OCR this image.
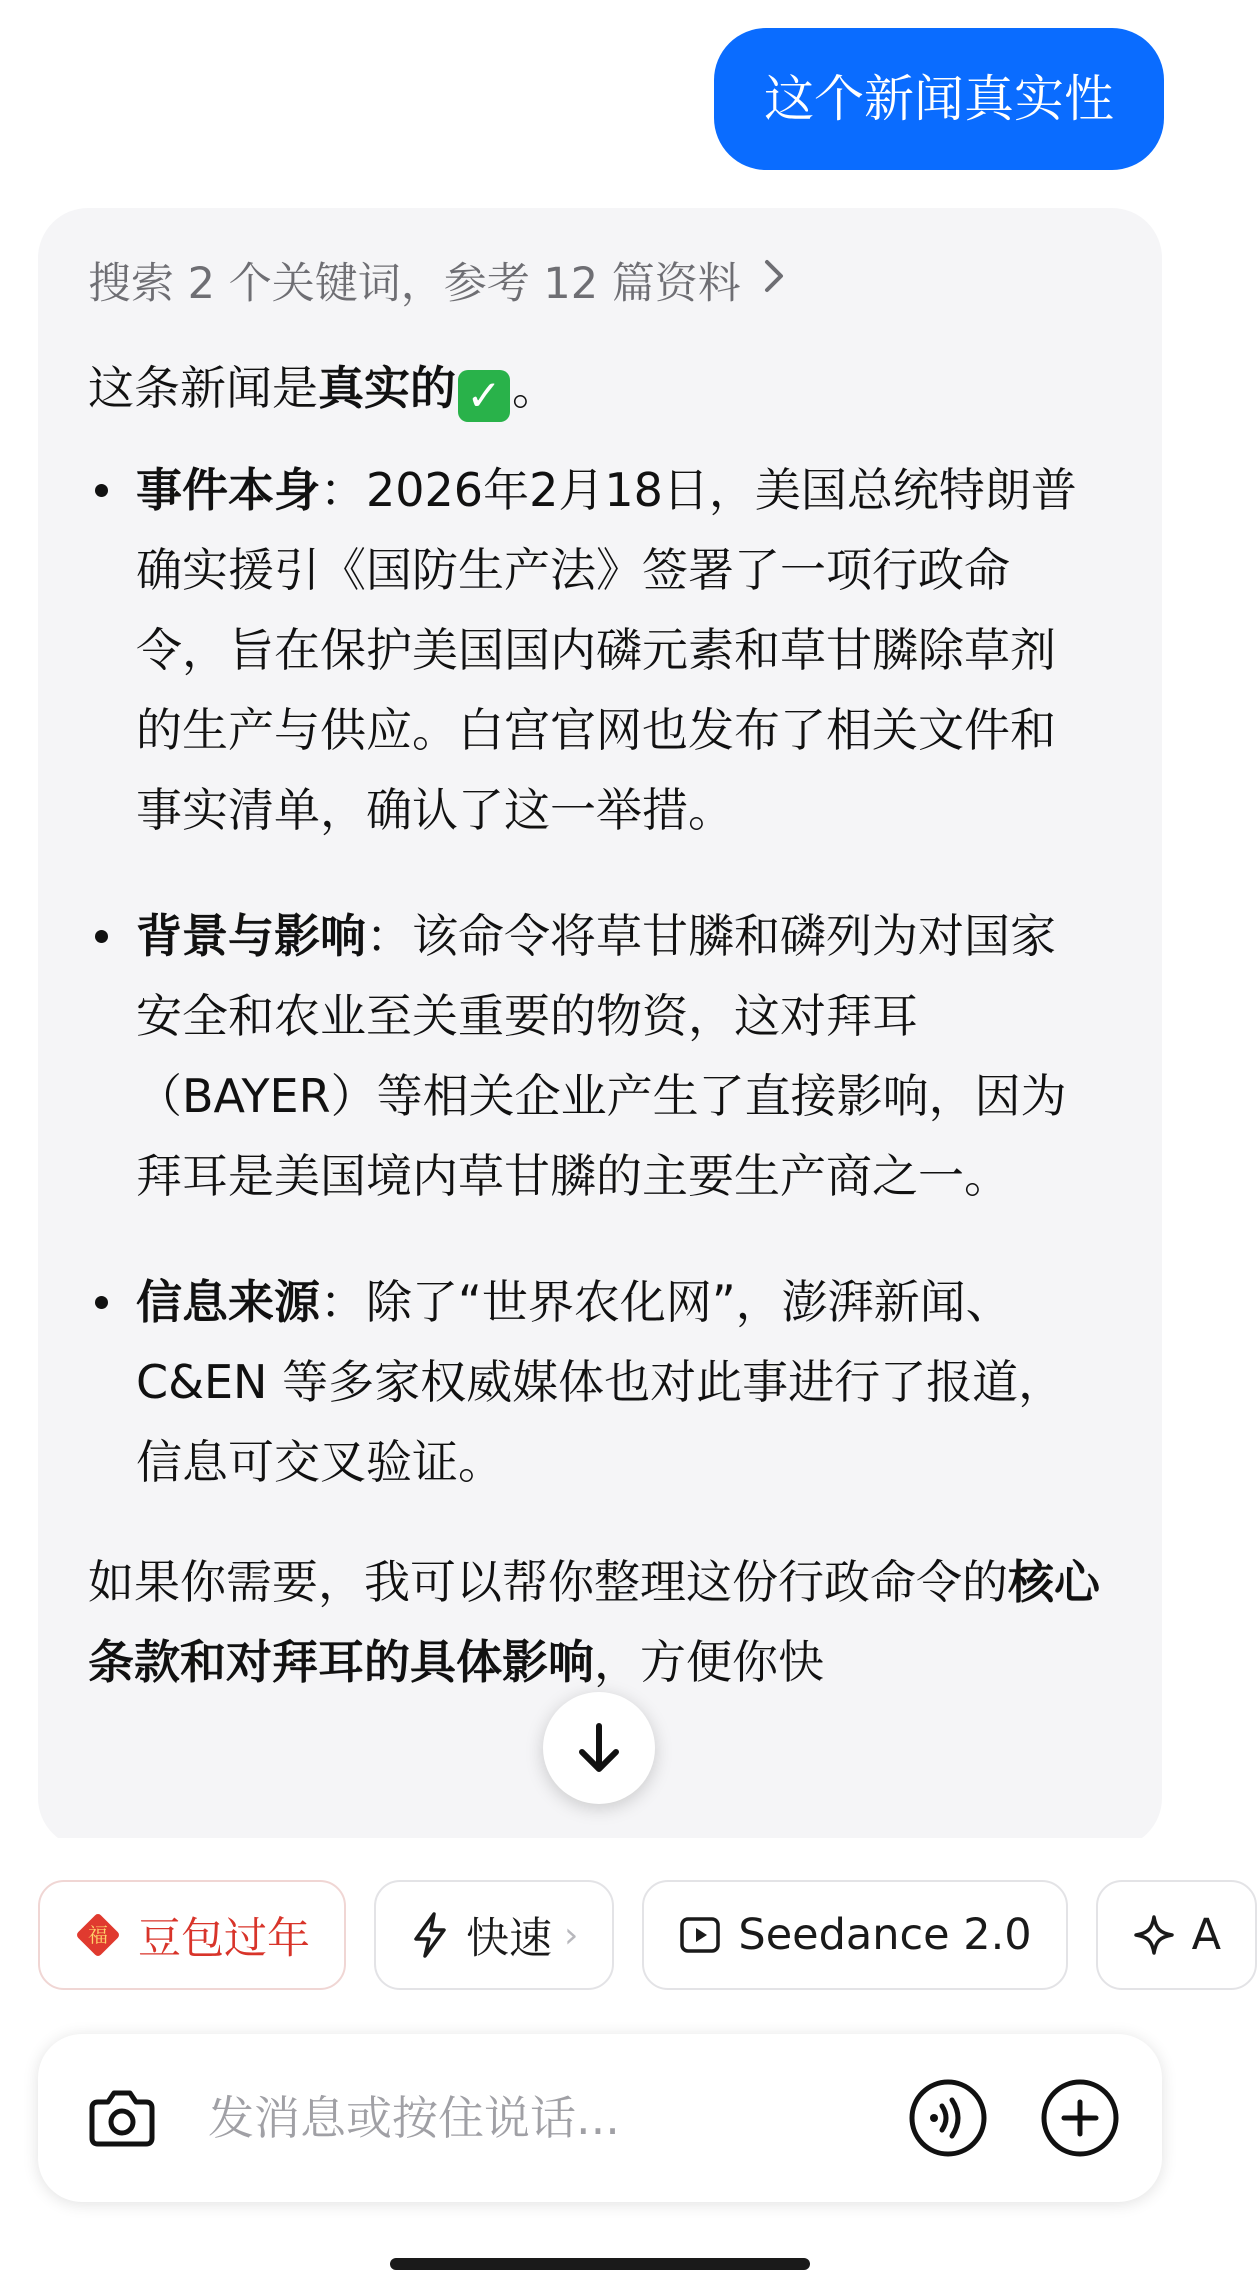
这个新闻真实性
搜索 2 个关键词，参考 12 篇资料

这条新闻是真实的 ✓ 。

事件本身：2026年2月18日，美国总统特朗普确实援引《国防生产法》签署了一项行政命令，旨在保护美国国内磷元素和草甘膦除草剂的生产与供应。白宫官网也发布了相关文件和事实清单，确认了这一举措。
背景与影响：该命令将草甘膦和磷列为对国家安全和农业至关重要的物资，这对拜耳（BAYER）等相关企业产生了直接影响，因为拜耳是美国境内草甘膦的主要生产商之一。
信息来源：除了“世界农化网”，澎湃新闻、C&EN 等多家权威媒体也对此事进行了报道，信息可交叉验证。

如果你需要，我可以帮你整理这份行政命令的核心条款和对拜耳的具体影响，方便你快

福 豆包过年	快速 ›	Seedance 2.0	A
发消息或按住说话...
